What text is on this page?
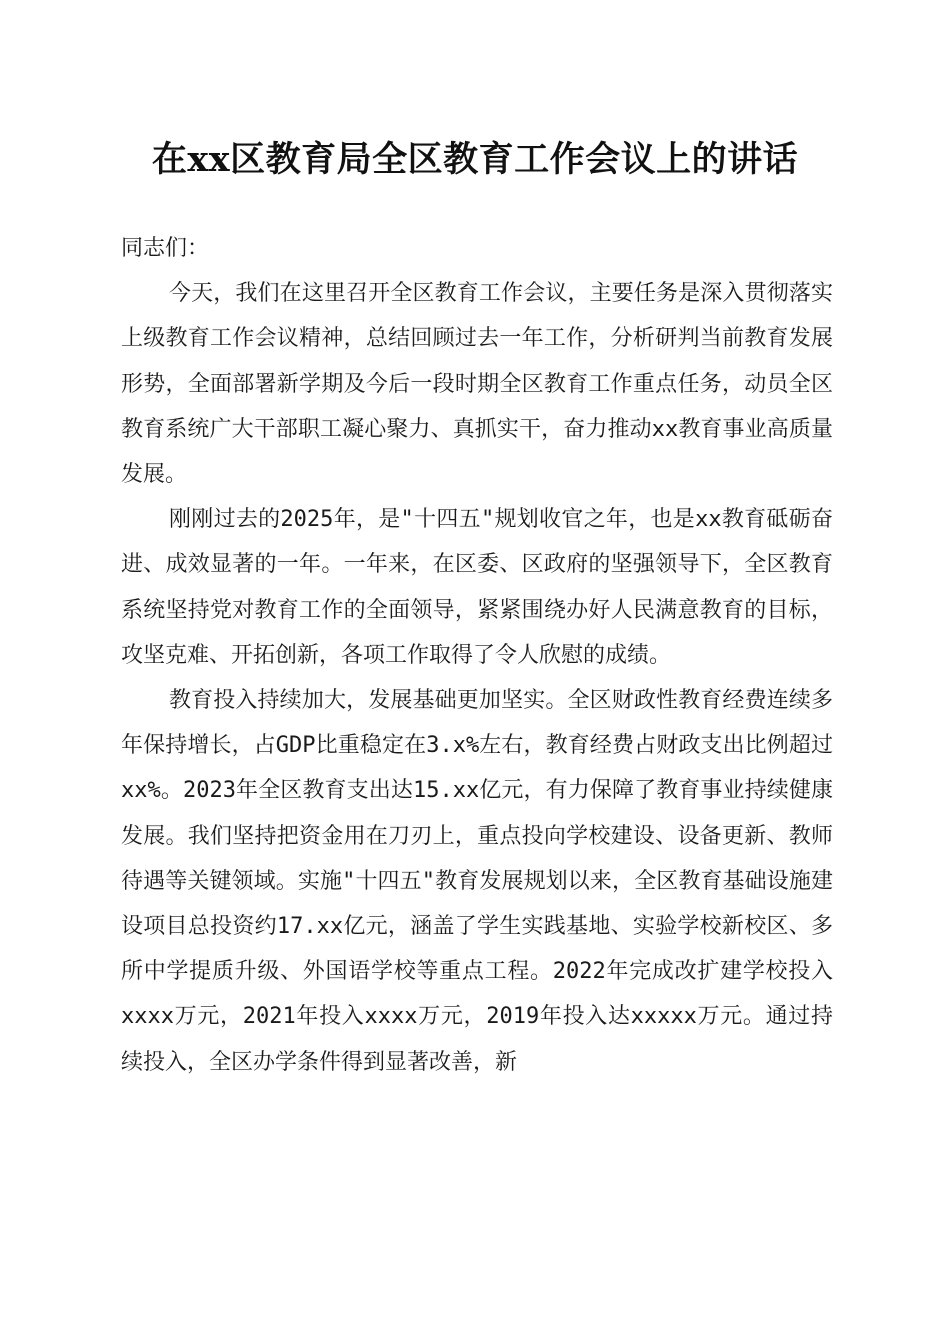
在xx区教育局全区教育工作会议上的讲话

同志们：

今天，我们在这里召开全区教育工作会议，主要任务是深入贯彻落实上级教育工作会议精神，总结回顾过去一年工作，分析研判当前教育发展形势，全面部署新学期及今后一段时期全区教育工作重点任务，动员全区教育系统广大干部职工凝心聚力、真抓实干，奋力推动xx教育事业高质量发展。

刚刚过去的2025年，是"十四五"规划收官之年，也是xx教育砥砺奋进、成效显著的一年。一年来，在区委、区政府的坚强领导下，全区教育系统坚持党对教育工作的全面领导，紧紧围绕办好人民满意教育的目标，攻坚克难、开拓创新，各项工作取得了令人欣慰的成绩。

教育投入持续加大，发展基础更加坚实。全区财政性教育经费连续多年保持增长，占GDP比重稳定在3.x%左右，教育经费占财政支出比例超过xx%。2023年全区教育支出达15.xx亿元，有力保障了教育事业持续健康发展。我们坚持把资金用在刀刃上，重点投向学校建设、设备更新、教师待遇等关键领域。实施"十四五"教育发展规划以来，全区教育基础设施建设项目总投资约17.xx亿元，涵盖了学生实践基地、实验学校新校区、多所中学提质升级、外国语学校等重点工程。2022年完成改扩建学校投入xxxx万元，2021年投入xxxx万元，2019年投入达xxxxx万元。通过持续投入，全区办学条件得到显著改善，新
